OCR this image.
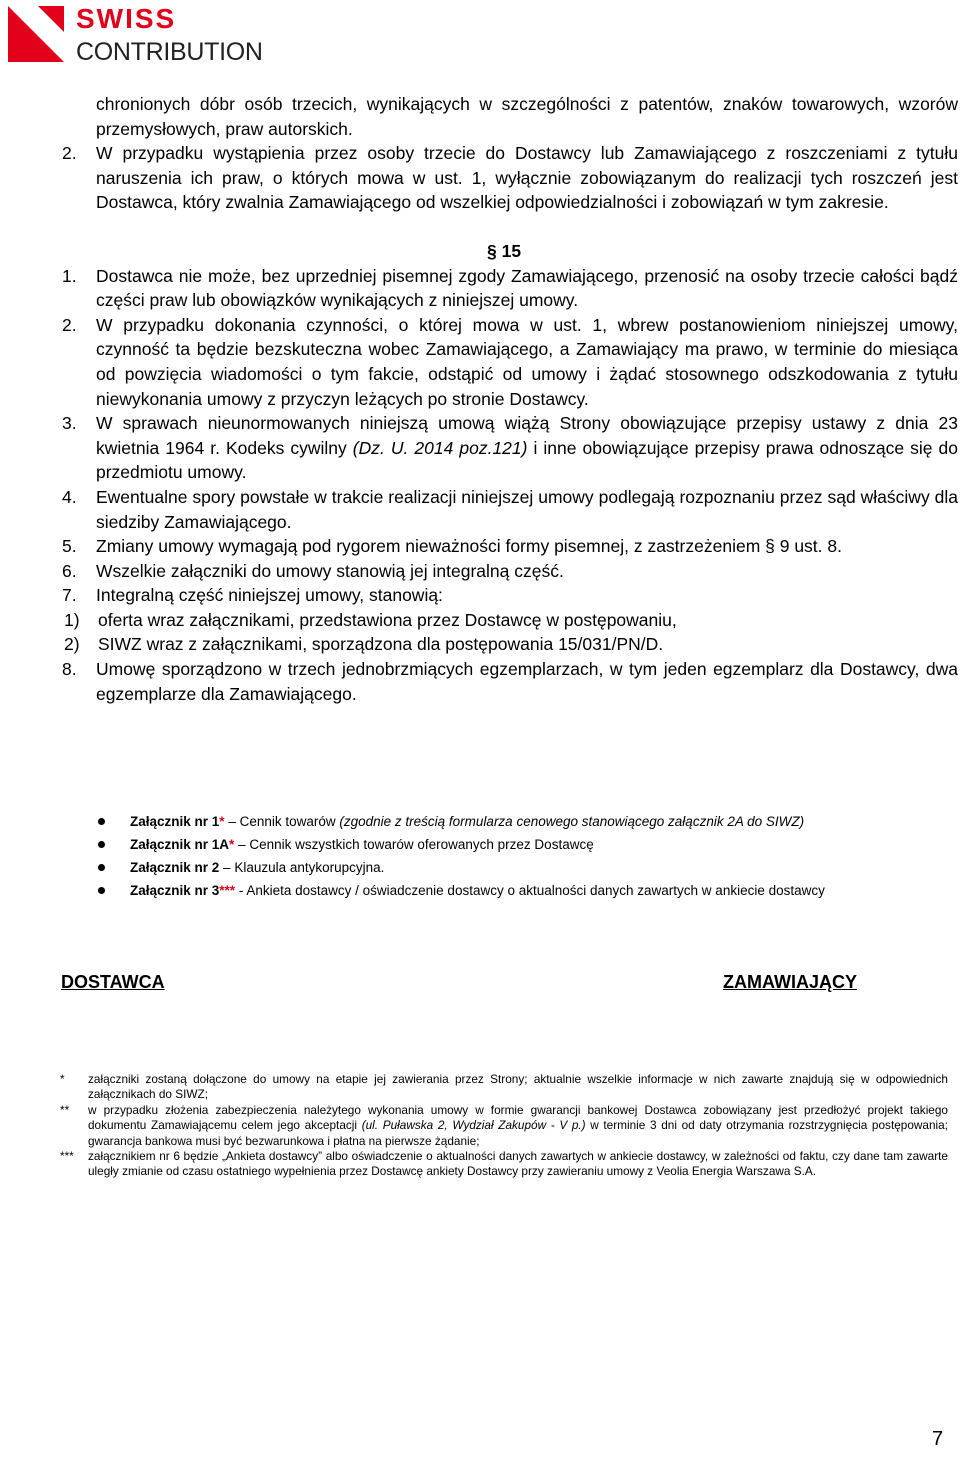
SWISS
CONTRIBUTION
chronionych dóbr osób trzecich, wynikających w szczególności z patentów, znaków towarowych, wzorów przemysłowych, praw autorskich.
2. W przypadku wystąpienia przez osoby trzecie do Dostawcy lub Zamawiającego z roszczeniami z tytułu naruszenia ich praw, o których mowa w ust. 1, wyłącznie zobowiązanym do realizacji tych roszczeń jest Dostawca, który zwalnia Zamawiającego od wszelkiej odpowiedzialności i zobowiązań w tym zakresie.
§ 15
1. Dostawca nie może, bez uprzedniej pisemnej zgody Zamawiającego, przenosić na osoby trzecie całości bądź części praw lub obowiązków wynikających z niniejszej umowy.
2. W przypadku dokonania czynności, o której mowa w ust. 1, wbrew postanowieniom niniejszej umowy, czynność ta będzie bezskuteczna wobec Zamawiającego, a Zamawiający ma prawo, w terminie do miesiąca od powzięcia wiadomości o tym fakcie, odstąpić od umowy i żądać stosownego odszkodowania z tytułu niewykonania umowy z przyczyn leżących po stronie Dostawcy.
3. W sprawach nieunormowanych niniejszą umową wiążą Strony obowiązujące przepisy ustawy z dnia 23 kwietnia 1964 r. Kodeks cywilny (Dz. U. 2014 poz.121) i inne obowiązujące przepisy prawa odnoszące się do przedmiotu umowy.
4. Ewentualne spory powstałe w trakcie realizacji niniejszej umowy podlegają rozpoznaniu przez sąd właściwy dla siedziby Zamawiającego.
5. Zmiany umowy wymagają pod rygorem nieważności formy pisemnej, z zastrzeżeniem § 9 ust. 8.
6. Wszelkie załączniki do umowy stanowią jej integralną część.
7. Integralną część niniejszej umowy, stanowią:
1) oferta wraz załącznikami, przedstawiona przez Dostawcę w postępowaniu,
2) SIWZ wraz z załącznikami, sporządzona dla postępowania 15/031/PN/D.
8. Umowę sporządzono w trzech jednobrzmiących egzemplarzach, w tym jeden egzemplarz dla Dostawcy, dwa egzemplarze dla Zamawiającego.
Załącznik nr 1* – Cennik towarów (zgodnie z treścią formularza cenowego stanowiącego załącznik 2A do SIWZ)
Załącznik nr 1A* – Cennik wszystkich towarów oferowanych przez Dostawcę
Załącznik nr 2 – Klauzula antykorupcyjna.
Załącznik nr 3*** - Ankieta dostawcy / oświadczenie dostawcy o aktualności danych zawartych w ankiecie dostawcy
DOSTAWCA	ZAMAWIAJĄCY
* załączniki zostaną dołączone do umowy na etapie jej zawierania przez Strony; aktualnie wszelkie informacje w nich zawarte znajdują się w odpowiednich załącznikach do SIWZ;
** w przypadku złożenia zabezpieczenia należytego wykonania umowy w formie gwarancji bankowej Dostawca zobowiązany jest przedłożyć projekt takiego dokumentu Zamawiającemu celem jego akceptacji (ul. Puławska 2, Wydział Zakupów - V p.) w terminie 3 dni od daty otrzymania rozstrzygnięcia postępowania; gwarancja bankowa musi być bezwarunkowa i płatna na pierwsze żądanie;
*** załącznikiem nr 6 będzie „Ankieta dostawcy” albo oświadczenie o aktualności danych zawartych w ankiecie dostawcy, w zależności od faktu, czy dane tam zawarte uległy zmianie od czasu ostatniego wypełnienia przez Dostawcę ankiety Dostawcy przy zawieraniu umowy z Veolia Energia Warszawa S.A.
7
